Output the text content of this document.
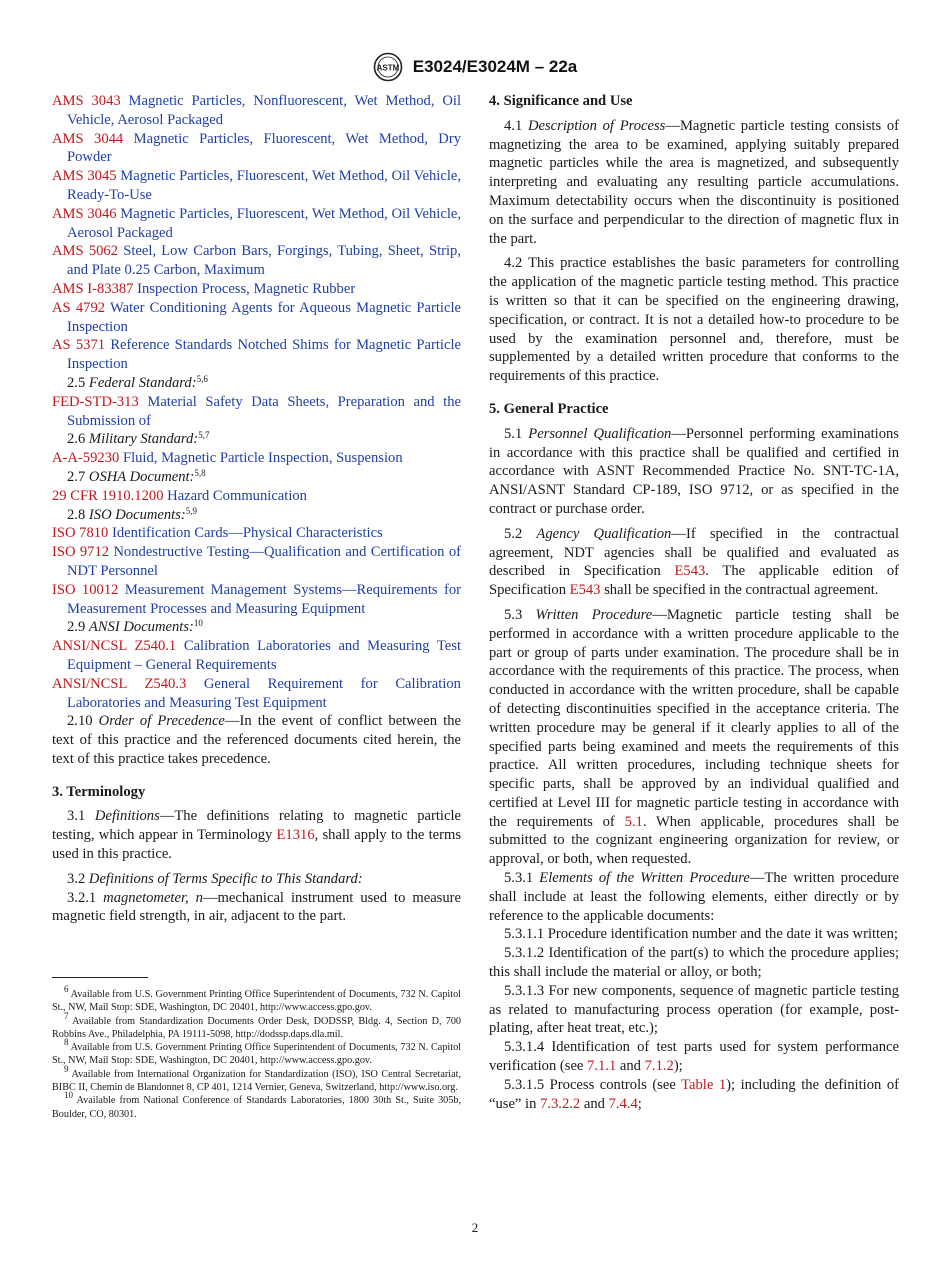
ASTM E3024/E3024M – 22a

AMS 3043 Magnetic Particles, Nonfluorescent, Wet Method, Oil Vehicle, Aerosol Packaged

AMS 3044 Magnetic Particles, Fluorescent, Wet Method, Dry Powder

AMS 3045 Magnetic Particles, Fluorescent, Wet Method, Oil Vehicle, Ready-To-Use

AMS 3046 Magnetic Particles, Fluorescent, Wet Method, Oil Vehicle, Aerosol Packaged

AMS 5062 Steel, Low Carbon Bars, Forgings, Tubing, Sheet, Strip, and Plate 0.25 Carbon, Maximum

AMS I-83387 Inspection Process, Magnetic Rubber

AS 4792 Water Conditioning Agents for Aqueous Magnetic Particle Inspection

AS 5371 Reference Standards Notched Shims for Magnetic Particle Inspection

2.5 Federal Standard:$^{5,6}$

FED-STD-313 Material Safety Data Sheets, Preparation and the Submission of

2.6 Military Standard:$^{5,7}$

A-A-59230 Fluid, Magnetic Particle Inspection, Suspension

2.7 OSHA Document:$^{5,8}$

29 CFR 1910.1200 Hazard Communication

2.8 ISO Documents:$^{5,9}$

ISO 7810 Identification Cards—Physical Characteristics

ISO 9712 Nondestructive Testing—Qualification and Certification of NDT Personnel

ISO 10012 Measurement Management Systems—Requirements for Measurement Processes and Measuring Equipment

2.9 ANSI Documents:$^{10}$

ANSI/NCSL Z540.1 Calibration Laboratories and Measuring Test Equipment – General Requirements

ANSI/NCSL Z540.3 General Requirement for Calibration Laboratories and Measuring Test Equipment

2.10 Order of Precedence—In the event of conflict between the text of this practice and the referenced documents cited herein, the text of this practice takes precedence.

3. Terminology

3.1 Definitions—The definitions relating to magnetic particle testing, which appear in Terminology E1316, shall apply to the terms used in this practice.

3.2 Definitions of Terms Specific to This Standard:

3.2.1 magnetometer, n—mechanical instrument used to measure magnetic field strength, in air, adjacent to the part.

$^6$ Available from U.S. Government Printing Office Superintendent of Documents, 732 N. Capitol St., NW, Mail Stop: SDE, Washington, DC 20401, http://www.access.gpo.gov.

$^7$ Available from Standardization Documents Order Desk, DODSSP, Bldg. 4, Section D, 700 Robbins Ave., Philadelphia, PA 19111-5098, http://dodssp.daps.dla.mil.

$^8$ Available from U.S. Government Printing Office Superintendent of Documents, 732 N. Capitol St., NW, Mail Stop: SDE, Washington, DC 20401, http://www.access.gpo.gov.

$^9$ Available from International Organization for Standardization (ISO), ISO Central Secretariat, BIBC II, Chemin de Blandonnet 8, CP 401, 1214 Vernier, Geneva, Switzerland, http://www.iso.org.

$^{10}$ Available from National Conference of Standards Laboratories, 1800 30th St., Suite 305b, Boulder, CO, 80301.

4. Significance and Use

4.1 Description of Process—Magnetic particle testing consists of magnetizing the area to be examined, applying suitably prepared magnetic particles while the area is magnetized, and subsequently interpreting and evaluating any resulting particle accumulations. Maximum detectability occurs when the discontinuity is positioned on the surface and perpendicular to the direction of magnetic flux in the part.

4.2 This practice establishes the basic parameters for controlling the application of the magnetic particle testing method. This practice is written so that it can be specified on the engineering drawing, specification, or contract. It is not a detailed how-to procedure to be used by the examination personnel and, therefore, must be supplemented by a detailed written procedure that conforms to the requirements of this practice.

5. General Practice

5.1 Personnel Qualification—Personnel performing examinations in accordance with this practice shall be qualified and certified in accordance with ASNT Recommended Practice No. SNT-TC-1A, ANSI/ASNT Standard CP-189, ISO 9712, or as specified in the contract or purchase order.

5.2 Agency Qualification—If specified in the contractual agreement, NDT agencies shall be qualified and evaluated as described in Specification E543. The applicable edition of Specification E543 shall be specified in the contractual agreement.

5.3 Written Procedure—Magnetic particle testing shall be performed in accordance with a written procedure applicable to the part or group of parts under examination. The procedure shall be in accordance with the requirements of this practice. The process, when conducted in accordance with the written procedure, shall be capable of detecting discontinuities specified in the acceptance criteria. The written procedure may be general if it clearly applies to all of the specified parts being examined and meets the requirements of this practice. All written procedures, including technique sheets for specific parts, shall be approved by an individual qualified and certified at Level III for magnetic particle testing in accordance with the requirements of 5.1. When applicable, procedures shall be submitted to the cognizant engineering organization for review, or approval, or both, when requested.

5.3.1 Elements of the Written Procedure—The written procedure shall include at least the following elements, either directly or by reference to the applicable documents:

5.3.1.1 Procedure identification number and the date it was written;

5.3.1.2 Identification of the part(s) to which the procedure applies; this shall include the material or alloy, or both;

5.3.1.3 For new components, sequence of magnetic particle testing as related to manufacturing process operation (for example, post-plating, after heat treat, etc.);

5.3.1.4 Identification of test parts used for system performance verification (see 7.1.1 and 7.1.2);

5.3.1.5 Process controls (see Table 1); including the definition of “use” in 7.3.2.2 and 7.4.4;

2
